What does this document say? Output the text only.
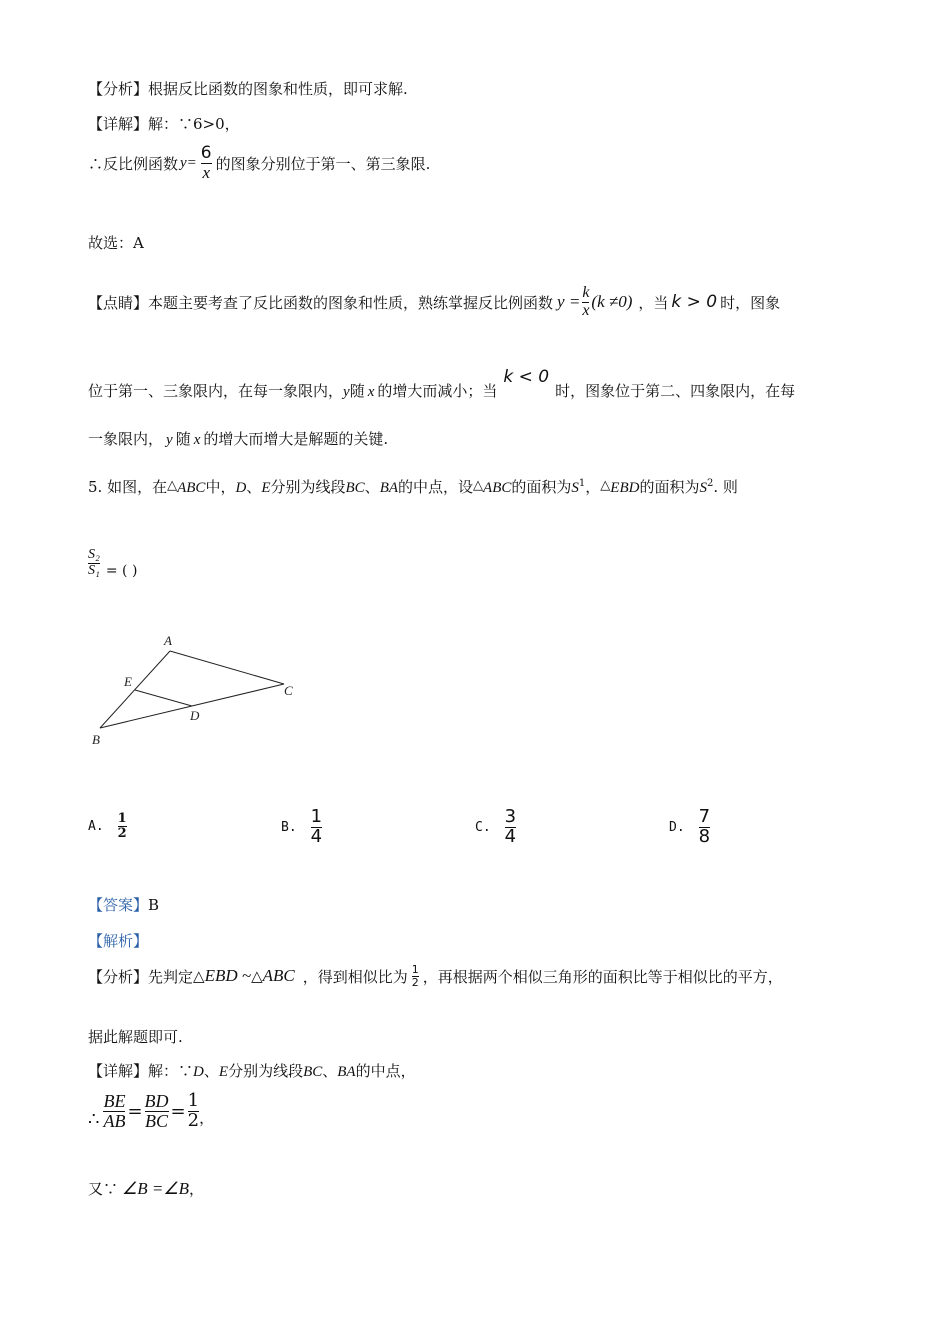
【分析】根据反比函数的图象和性质，即可求解.
【详解】解：∵6>0，
∴反比例函数 $y= \frac{6}{x}$ 的图象分别位于第一、第三象限.
故选：A
【点睛】 本题主要考查了反比函数的图象和性质，熟练掌握反比例函数 $y = \frac{k}{x} (k \ne 0)$ ，当 k > 0 时，图象
位于第一、三象限内，在每一象限内，y随 x 的增大而减小；当k < 0时，图象位于第二、四象限内，在每
一象限内， y 随 x 的增大而增大是解题的关键.
5. 如图，在△ABC中，D、E分别为线段BC、BA的中点，设△ABC的面积为$S^1$，△EBD的面积为$S^2$. 则
$\frac{\text{S₂}}{\text{S₁}}$ = ( )
A
B
C
D
E
A. $\frac{1}{2}$	B. $\frac{1}{4}$	C. $\frac{3}{4}$	D. $\frac{7}{8}$
【答案】B
【解析】
【分析】 先判定 △ EBD ~ △ ABC ，得到相似比为 $\frac{1}{2}$ ，再根据两个相似三角形的面积比等于相似比的平方，
据此解题即可.
【详解】解：∵D、E分别为线段BC、BA的中点，
∴ $\frac{BE}{AB} = \frac{BD}{BC} = \frac{1}{2}$ ，
又∵ ∠B =∠B ，
